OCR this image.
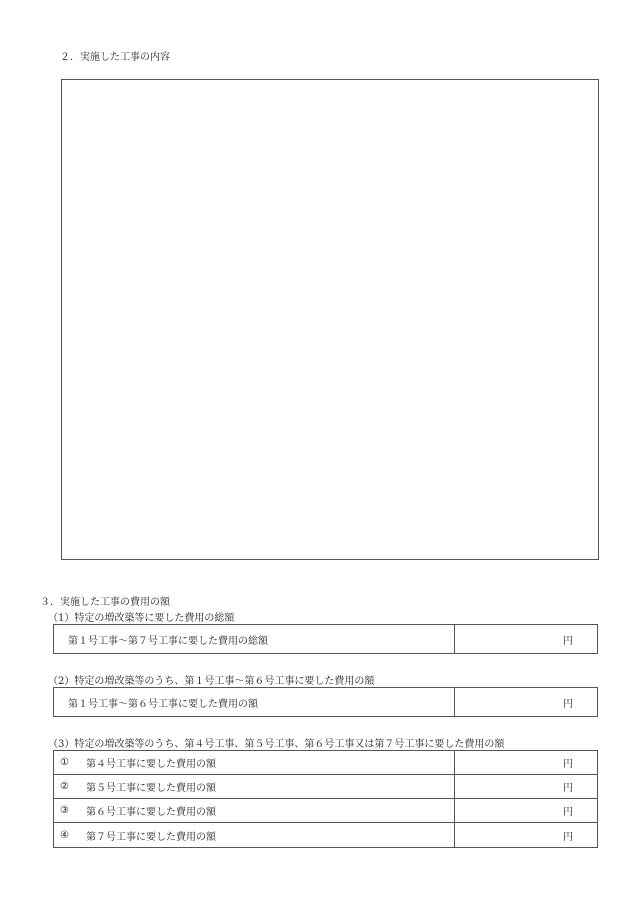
２．実施した工事の内容
３．実施した工事の費用の額
（1）特定の増改築等に要した費用の総額
第１号工事～第７号工事に要した費用の総額	円
（2）特定の増改築等のうち、第１号工事～第６号工事に要した費用の額
第１号工事～第６号工事に要した費用の額	円
（3）特定の増改築等のうち、第４号工事、第５号工事、第６号工事又は第７号工事に要した費用の額
①	第４号工事に要した費用の額	円
②	第５号工事に要した費用の額	円
③	第６号工事に要した費用の額	円
④	第７号工事に要した費用の額	円
